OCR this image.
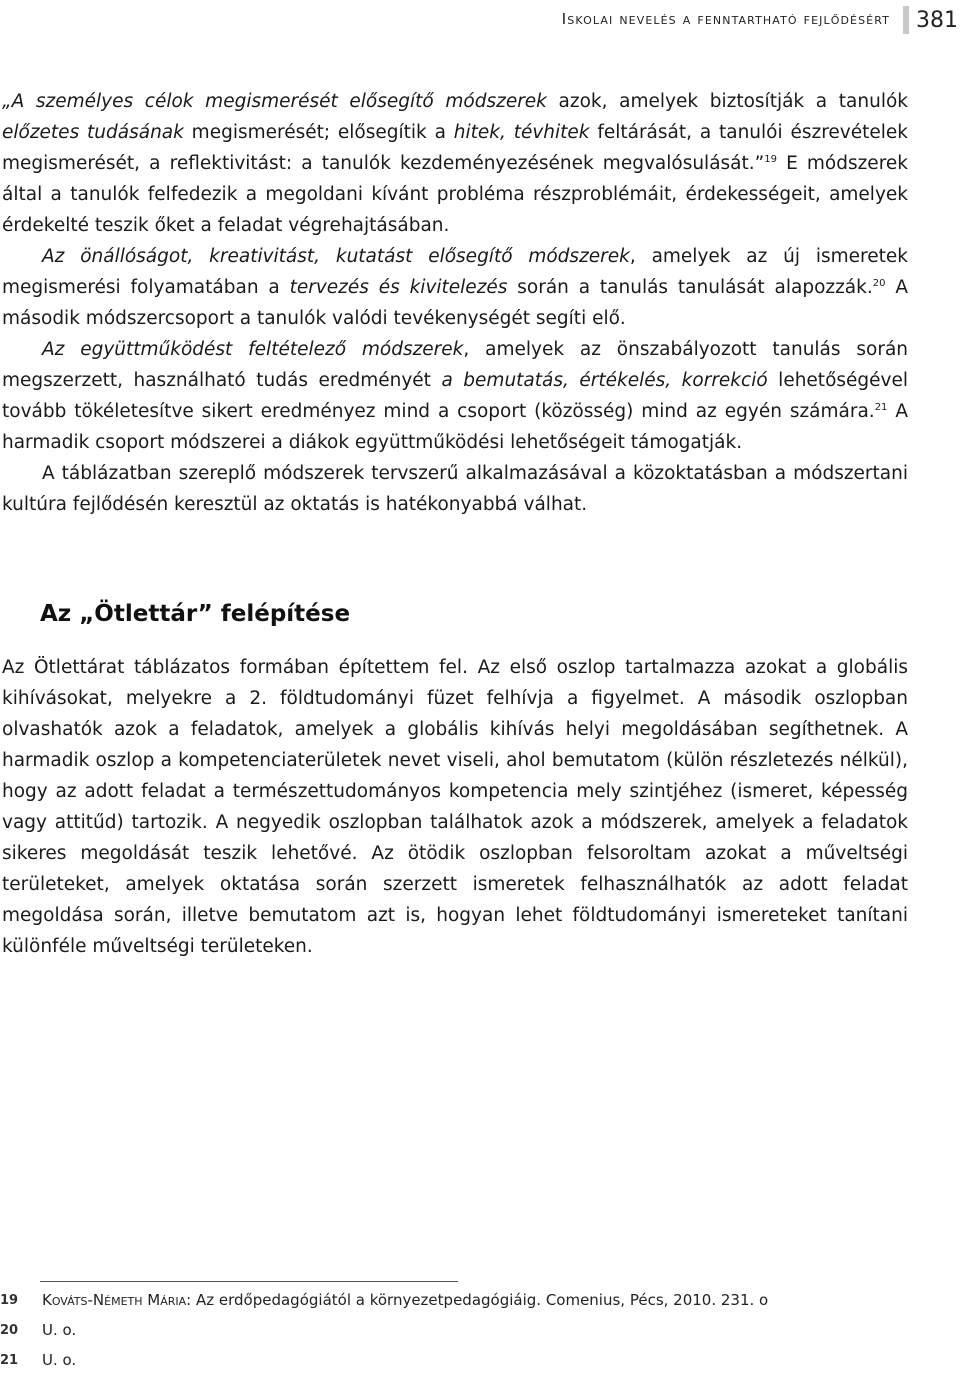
Iskolai nevelés a fenntartható fejlődésért 381

„A személyes célok megismerését elősegítő módszerek azok, amelyek biztosítják a tanulók előzetes tudásának megismerését; elősegítik a hitek, tévhitek feltárását, a tanulói észrevételek megismerését, a reflektivitást: a tanulók kezdeményezésének megvalósulását.”$^{19}$ E módszerek által a tanulók felfedezik a megoldani kívánt probléma részproblémáit, érdekességeit, amelyek érdekelté teszik őket a feladat végrehajtásában.

Az önállóságot, kreativitást, kutatást elősegítő módszerek, amelyek az új ismeretek megismerési folyamatában a tervezés és kivitelezés során a tanulás tanulását alapozzák.$^{20}$ A második módszercsoport a tanulók valódi tevékenységét segíti elő.

Az együttműködést feltételező módszerek, amelyek az önszabályozott tanulás során megszerzett, használható tudás eredményét a bemutatás, értékelés, korrekció lehetőségével tovább tökéletesítve sikert eredményez mind a csoport (közösség) mind az egyén számára.$^{21}$ A harmadik csoport módszerei a diákok együttműködési lehetőségeit támogatják.

A táblázatban szereplő módszerek tervszerű alkalmazásával a közoktatásban a módszertani kultúra fejlődésén keresztül az oktatás is hatékonyabbá válhat.

Az „Ötlettár” felépítése

Az Ötlettárat táblázatos formában építettem fel. Az első oszlop tartalmazza azokat a globális kihívásokat, melyekre a 2. földtudományi füzet felhívja a figyelmet. A második oszlopban olvashatók azok a feladatok, amelyek a globális kihívás helyi megoldásában segíthetnek. A harmadik oszlop a kompetenciaterületek nevet viseli, ahol bemutatom (külön részletezés nélkül), hogy az adott feladat a természettudományos kompetencia mely szintjéhez (ismeret, képesség vagy attitűd) tartozik. A negyedik oszlopban találhatok azok a módszerek, amelyek a feladatok sikeres megoldását teszik lehetővé. Az ötödik oszlopban felsoroltam azokat a műveltségi területeket, amelyek oktatása során szerzett ismeretek felhasználhatók az adott feladat megoldása során, illetve bemutatom azt is, hogyan lehet földtudományi ismereteket tanítani különféle műveltségi területeken.

19 Kováts-Németh Mária: Az erdőpedagógiától a környezetpedagógiáig. Comenius, Pécs, 2010. 231. o
20 U. o.
21 U. o.
